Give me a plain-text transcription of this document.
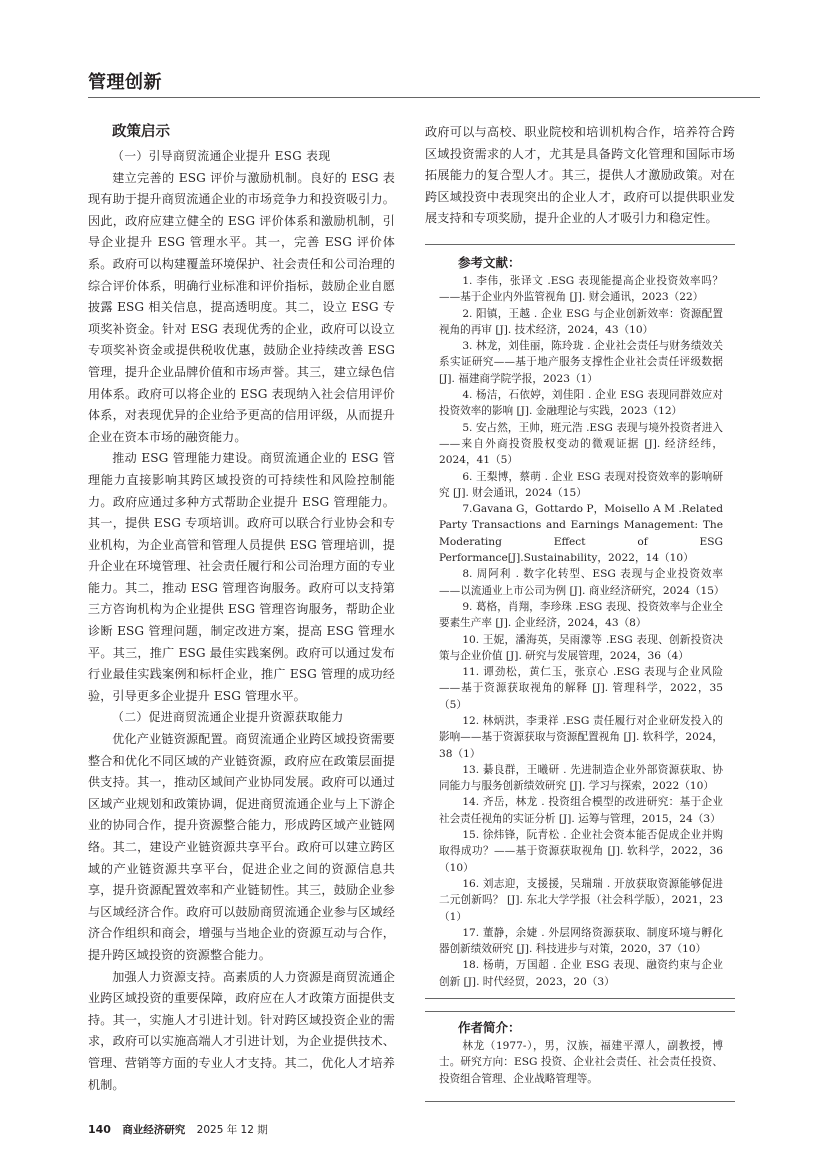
管理创新
政策启示
（一）引导商贸流通企业提升 ESG 表现

建立完善的 ESG 评价与激励机制。良好的 ESG 表现有助于提升商贸流通企业的市场竞争力和投资吸引力。因此，政府应建立健全的 ESG 评价体系和激励机制，引导企业提升 ESG 管理水平。其一，完善 ESG 评价体系。政府可以构建覆盖环境保护、社会责任和公司治理的综合评价体系，明确行业标准和评价指标，鼓励企业自愿披露 ESG 相关信息，提高透明度。其二，设立 ESG 专项奖补资金。针对 ESG 表现优秀的企业，政府可以设立专项奖补资金或提供税收优惠，鼓励企业持续改善 ESG 管理，提升企业品牌价值和市场声誉。其三，建立绿色信用体系。政府可以将企业的 ESG 表现纳入社会信用评价体系，对表现优异的企业给予更高的信用评级，从而提升企业在资本市场的融资能力。

推动 ESG 管理能力建设。商贸流通企业的 ESG 管理能力直接影响其跨区域投资的可持续性和风险控制能力。政府应通过多种方式帮助企业提升 ESG 管理能力。其一，提供 ESG 专项培训。政府可以联合行业协会和专业机构，为企业高管和管理人员提供 ESG 管理培训，提升企业在环境管理、社会责任履行和公司治理方面的专业能力。其二，推动 ESG 管理咨询服务。政府可以支持第三方咨询机构为企业提供 ESG 管理咨询服务，帮助企业诊断 ESG 管理问题，制定改进方案，提高 ESG 管理水平。其三，推广 ESG 最佳实践案例。政府可以通过发布行业最佳实践案例和标杆企业，推广 ESG 管理的成功经验，引导更多企业提升 ESG 管理水平。

（二）促进商贸流通企业提升资源获取能力

优化产业链资源配置。商贸流通企业跨区域投资需要整合和优化不同区域的产业链资源，政府应在政策层面提供支持。其一，推动区域间产业协同发展。政府可以通过区域产业规划和政策协调，促进商贸流通企业与上下游企业的协同合作，提升资源整合能力，形成跨区域产业链网络。其二，建设产业链资源共享平台。政府可以建立跨区域的产业链资源共享平台，促进企业之间的资源信息共享，提升资源配置效率和产业链韧性。其三，鼓励企业参与区域经济合作。政府可以鼓励商贸流通企业参与区域经济合作组织和商会，增强与当地企业的资源互动与合作，提升跨区域投资的资源整合能力。

加强人力资源支持。高素质的人力资源是商贸流通企业跨区域投资的重要保障，政府应在人才政策方面提供支持。其一，实施人才引进计划。针对跨区域投资企业的需求，政府可以实施高端人才引进计划，为企业提供技术、管理、营销等方面的专业人才支持。其二，优化人才培养机制。

140 商业经济研究 2025 年 12 期

政府可以与高校、职业院校和培训机构合作，培养符合跨区域投资需求的人才，尤其是具备跨文化管理和国际市场拓展能力的复合型人才。其三，提供人才激励政策。对在跨区域投资中表现突出的企业人才，政府可以提供职业发展支持和专项奖励，提升企业的人才吸引力和稳定性。

参考文献：

1. 李伟，张译文 .ESG 表现能提高企业投资效率吗？——基于企业内外监管视角 [J]. 财会通讯，2023（22）

2. 阳镇，王越 . 企业 ESG 与企业创新效率：资源配置视角的再审 [J]. 技术经济，2024，43（10）

3. 林龙，刘佳丽，陈玲珑 . 企业社会责任与财务绩效关系实证研究——基于地产服务支撑性企业社会责任评级数据 [J]. 福建商学院学报，2023（1）

4. 杨洁，石依婷，刘佳阳 . 企业 ESG 表现同群效应对投资效率的影响 [J]. 金融理论与实践，2023（12）

5. 安占然，王帅，班元浩 .ESG 表现与境外投资者进入——来自外商投资股权变动的微观证据 [J]. 经济经纬，2024，41（5）

6. 王梨博，蔡萌 . 企业 ESG 表现对投资效率的影响研究 [J]. 财会通讯，2024（15）

7.Gavana G，Gottardo P，Moisello A M .Related Party Transactions and Earnings Management: The Moderating Effect of ESG Performance[J].Sustainability，2022，14（10）

8. 周阿利 . 数字化转型、ESG 表现与企业投资效率——以流通业上市公司为例 [J]. 商业经济研究，2024（15）

9. 葛格，肖翔，李珍珠 .ESG 表现、投资效率与企业全要素生产率 [J]. 企业经济，2024，43（8）

10. 王妮，潘海英，吴雨濛等 .ESG 表现、创新投资决策与企业价值 [J]. 研究与发展管理，2024，36（4）

11. 谭劲松，黄仁玉，张京心 .ESG 表现与企业风险——基于资源获取视角的解释 [J]. 管理科学，2022，35（5）

12. 林炳洪，李秉祥 .ESG 责任履行对企业研发投入的影响——基于资源获取与资源配置视角 [J]. 软科学，2024，38（1）

13. 綦良群，王曦研 . 先进制造企业外部资源获取、协同能力与服务创新绩效研究 [J]. 学习与探索，2022（10）

14. 齐岳，林龙 . 投资组合模型的改进研究：基于企业社会责任视角的实证分析 [J]. 运筹与管理，2015，24（3）

15. 徐炜锋，阮青松 . 企业社会资本能否促成企业并购取得成功？——基于资源获取视角 [J]. 软科学，2022，36（10）

16. 刘志迎，支援援，吴瑞瑞 . 开放获取资源能够促进二元创新吗？ [J]. 东北大学学报（社会科学版），2021，23（1）

17. 董静，余婕 . 外层网络资源获取、制度环境与孵化器创新绩效研究 [J]. 科技进步与对策，2020，37（10）

18. 杨萌，万国超 . 企业 ESG 表现、融资约束与企业创新 [J]. 时代经贸，2023，20（3）

作者简介：

林龙（1977-），男，汉族，福建平潭人，副教授，博士。研究方向：ESG 投资、企业社会责任、社会责任投资、投资组合管理、企业战略管理等。
